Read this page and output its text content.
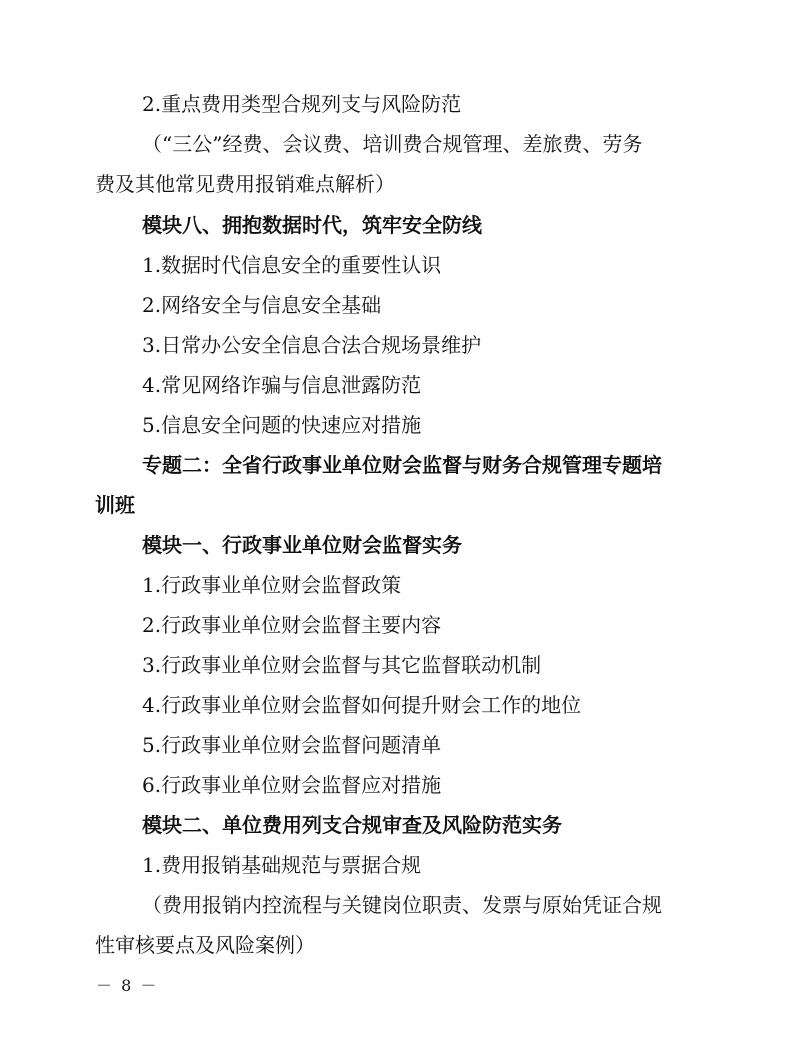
2.重点费用类型合规列支与风险防范
（“三公”经费、会议费、培训费合规管理、差旅费、劳务
费及其他常见费用报销难点解析）
模块八、拥抱数据时代，筑牢安全防线
1.数据时代信息安全的重要性认识
2.网络安全与信息安全基础
3.日常办公安全信息合法合规场景维护
4.常见网络诈骗与信息泄露防范
5.信息安全问题的快速应对措施
专题二：全省行政事业单位财会监督与财务合规管理专题培
训班
模块一、行政事业单位财会监督实务
1.行政事业单位财会监督政策
2.行政事业单位财会监督主要内容
3.行政事业单位财会监督与其它监督联动机制
4.行政事业单位财会监督如何提升财会工作的地位
5.行政事业单位财会监督问题清单
6.行政事业单位财会监督应对措施
模块二、单位费用列支合规审查及风险防范实务
1.费用报销基础规范与票据合规
（费用报销内控流程与关键岗位职责、发票与原始凭证合规
性审核要点及风险案例）
－ 8 －
